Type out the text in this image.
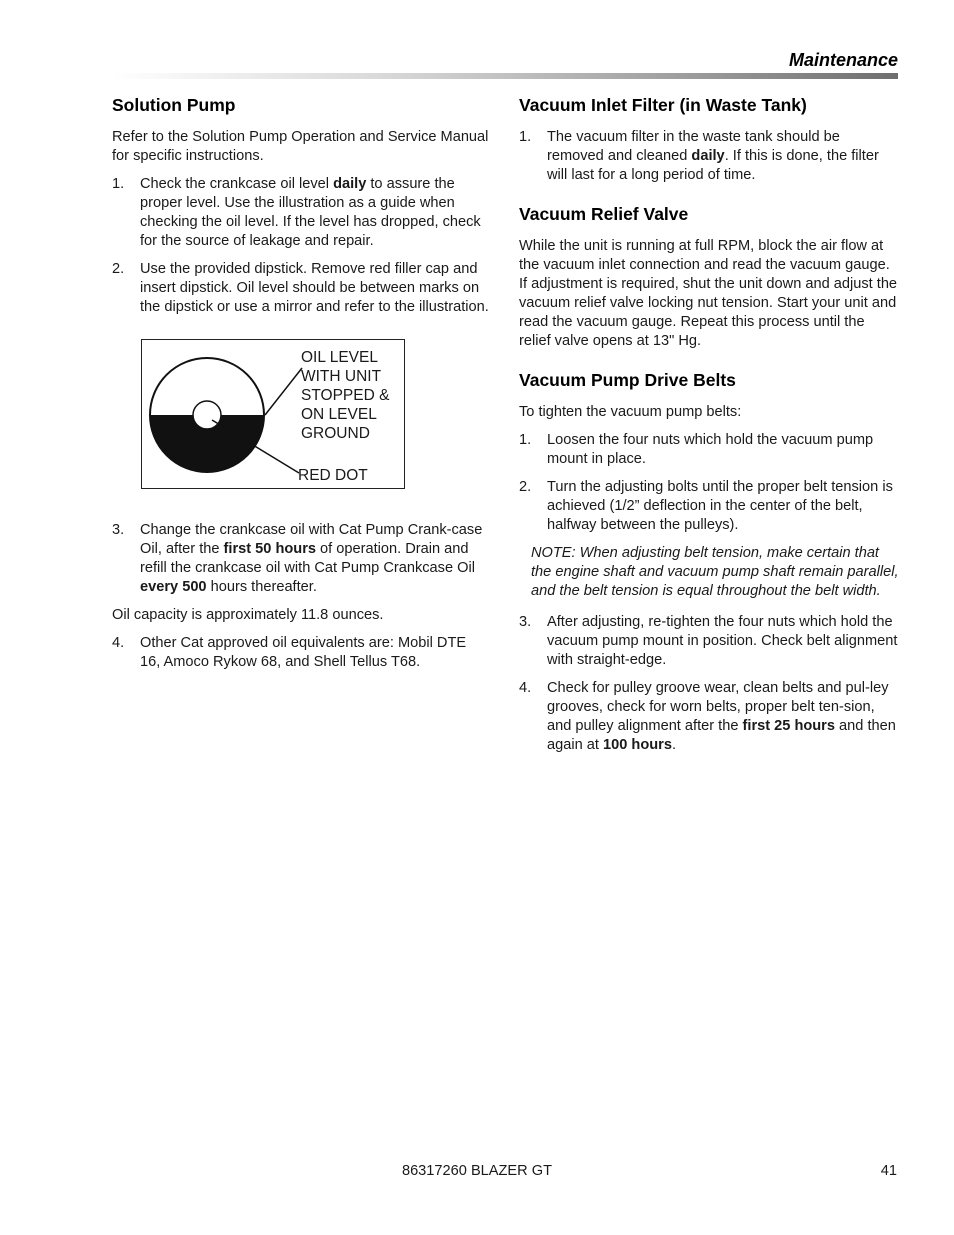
Maintenance
Solution Pump

Refer to the Solution Pump Operation and Service Manual for specific instructions.

1.	Check the crankcase oil level daily to assure the proper level. Use the illustration as a guide when checking the oil level. If the level has dropped, check for the source of leakage and repair.
2.	Use the provided dipstick. Remove red filler cap and insert dipstick. Oil level should be between marks on the dipstick or use a mirror and refer to the illustration.
OIL LEVEL WITH UNIT STOPPED & ON LEVEL GROUND
RED DOT
3.	Change the crankcase oil with Cat Pump Crank-case Oil, after the first 50 hours of operation. Drain and refill the crankcase oil with Cat Pump Crankcase Oil every 500 hours thereafter.

Oil capacity is approximately 11.8 ounces.

4.	Other Cat approved oil equivalents are: Mobil DTE 16, Amoco Rykow 68, and Shell Tellus T68.
Vacuum Inlet Filter (in Waste Tank)
1.	The vacuum filter in the waste tank should be removed and cleaned daily. If this is done, the filter will last for a long period of time.
Vacuum Relief Valve

While the unit is running at full RPM, block the air flow at the vacuum inlet connection and read the vacuum gauge. If adjustment is required, shut the unit down and adjust the vacuum relief valve locking nut tension. Start your unit and read the vacuum gauge. Repeat this process until the relief valve opens at 13" Hg.

Vacuum Pump Drive Belts

To tighten the vacuum pump belts:

1.	Loosen the four nuts which hold the vacuum pump mount in place.
2.	Turn the adjusting bolts until the proper belt tension is achieved (1/2” deflection in the center of the belt, halfway between the pulleys).

NOTE: When adjusting belt tension, make certain that the engine shaft and vacuum pump shaft remain parallel, and the belt tension is equal throughout the belt width.

3.	After adjusting, re-tighten the four nuts which hold the vacuum pump mount in position. Check belt alignment with straight-edge.
4.	Check for pulley groove wear, clean belts and pul-ley grooves, check for worn belts, proper belt ten-sion, and pulley alignment after the first 25 hours and then again at 100 hours.
86317260 BLAZER GT	41
